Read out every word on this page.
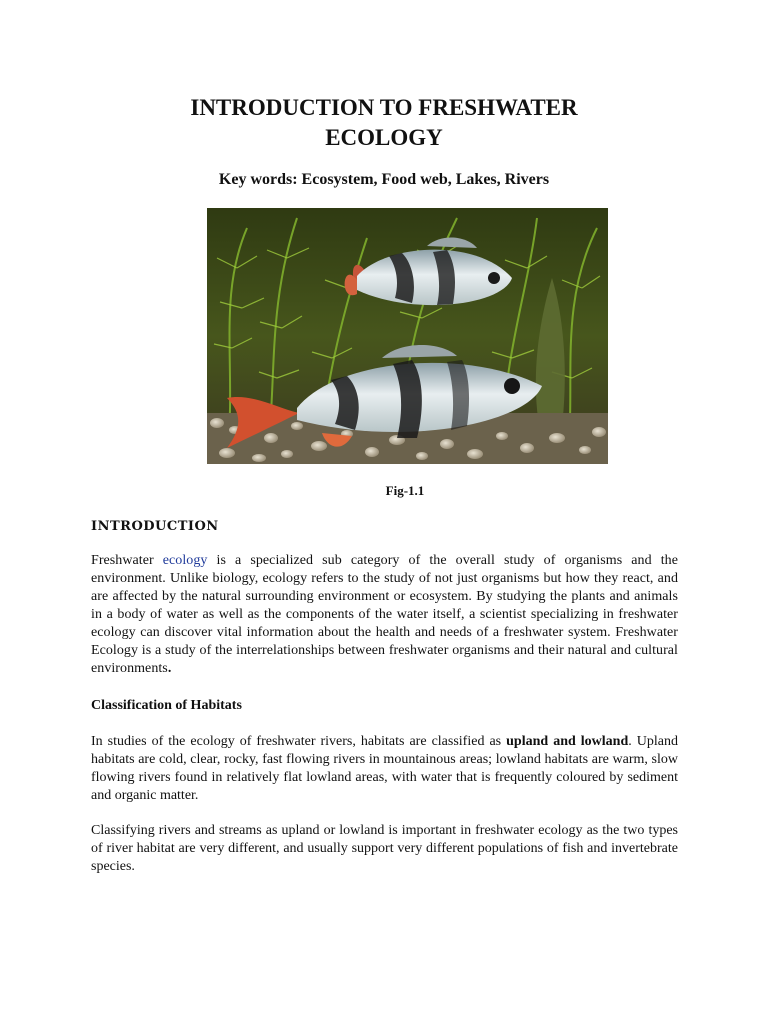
INTRODUCTION TO FRESHWATER
ECOLOGY
Key words: Ecosystem, Food web, Lakes, Rivers
Fig-1.1
INTRODUCTION
Freshwater ecology is a specialized sub category of the overall study of organisms and the environment. Unlike biology, ecology refers to the study of not just organisms but how they react, and are affected by the natural surrounding environment or ecosystem. By studying the plants and animals in a body of water as well as the components of the water itself, a scientist specializing in freshwater ecology can discover vital information about the health and needs of a freshwater system. Freshwater Ecology is a study of the interrelationships between freshwater organisms and their natural and cultural environments.
Classification of Habitats
In studies of the ecology of freshwater rivers, habitats are classified as upland and lowland. Upland habitats are cold, clear, rocky, fast flowing rivers in mountainous areas; lowland habitats are warm, slow flowing rivers found in relatively flat lowland areas, with water that is frequently coloured by sediment and organic matter.
Classifying rivers and streams as upland or lowland is important in freshwater ecology as the two types of river habitat are very different, and usually support very different populations of fish and invertebrate species.
